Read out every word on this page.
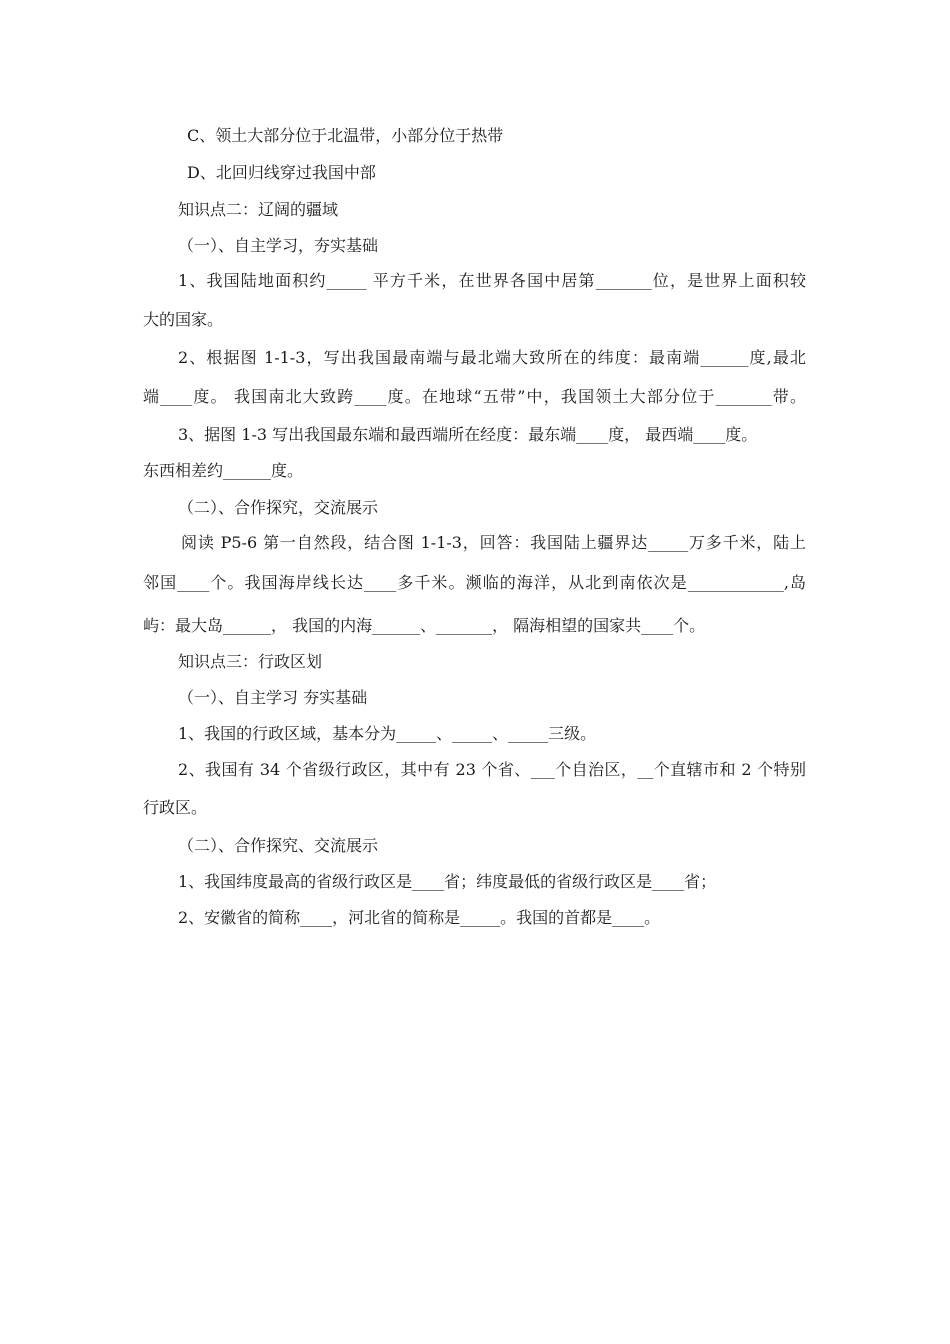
C、领土大部分位于北温带，小部分位于热带
D、北回归线穿过我国中部
知识点二：辽阔的疆域
（一）、自主学习，夯实基础
1、我国陆地面积约_____ 平方千米，在世界各国中居第_______位，是世界上面积较
大的国家。
2、根据图 1-1-3，写出我国最南端与最北端大致所在的纬度：最南端______度,最北
端____度。 我国南北大致跨____度。在地球“五带”中，我国领土大部分位于_______带。
3、据图 1-3 写出我国最东端和最西端所在经度：最东端____度， 最西端____度。
东西相差约______度。
（二）、合作探究，交流展示
阅读 P5-6 第一自然段，结合图 1-1-3，回答：我国陆上疆界达_____万多千米，陆上
邻国____个。我国海岸线长达____多千米。濒临的海洋，从北到南依次是____________,岛
屿：最大岛______， 我国的内海______、_______， 隔海相望的国家共____个。
知识点三：行政区划
（一）、自主学习 夯实基础
1、我国的行政区域，基本分为_____、_____、_____三级。
2、我国有 34 个省级行政区，其中有 23 个省、___个自治区，__个直辖市和 2 个特别
行政区。
（二）、合作探究、交流展示
1、我国纬度最高的省级行政区是____省；纬度最低的省级行政区是____省；
2、安徽省的简称____，河北省的简称是_____。我国的首都是____。
